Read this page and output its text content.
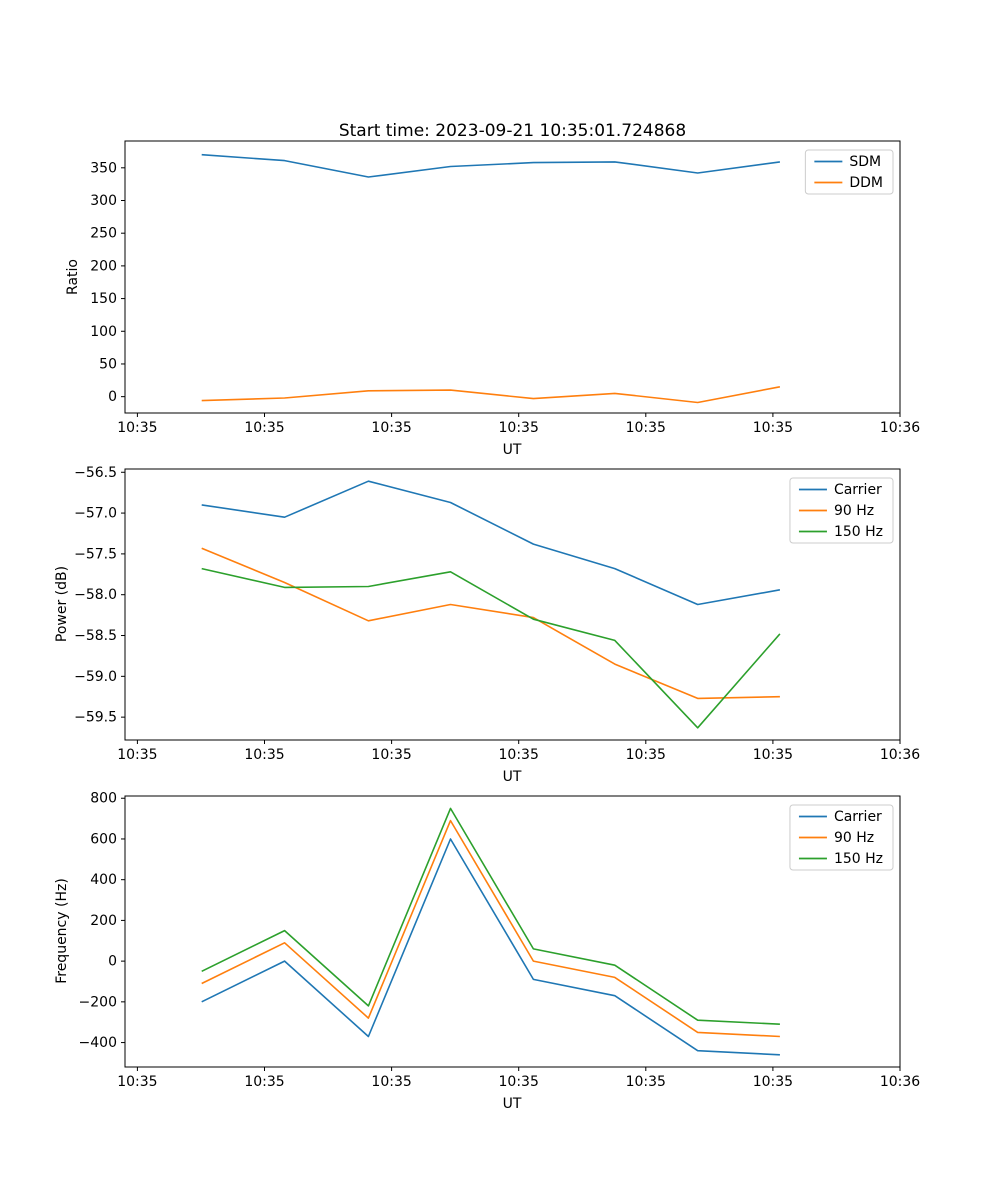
Start time: 2023-09-21 10:35:01.724868
Ratio
Power (dB)
Frequency (Hz)
UT
UT
UT
0
50
100
150
200
250
300
350
10:35	10:35	10:35	10:35	10:35	10:35	10:36
SDM
DDM
−56.5
−57.0
−57.5
−58.0
−58.5
−59.0
−59.5
10:35	10:35	10:35	10:35	10:35	10:35	10:36
Carrier
90 Hz
150 Hz
−400
−200
0
200
400
600
800
10:35	10:35	10:35	10:35	10:35	10:35	10:36
Carrier
90 Hz
150 Hz
